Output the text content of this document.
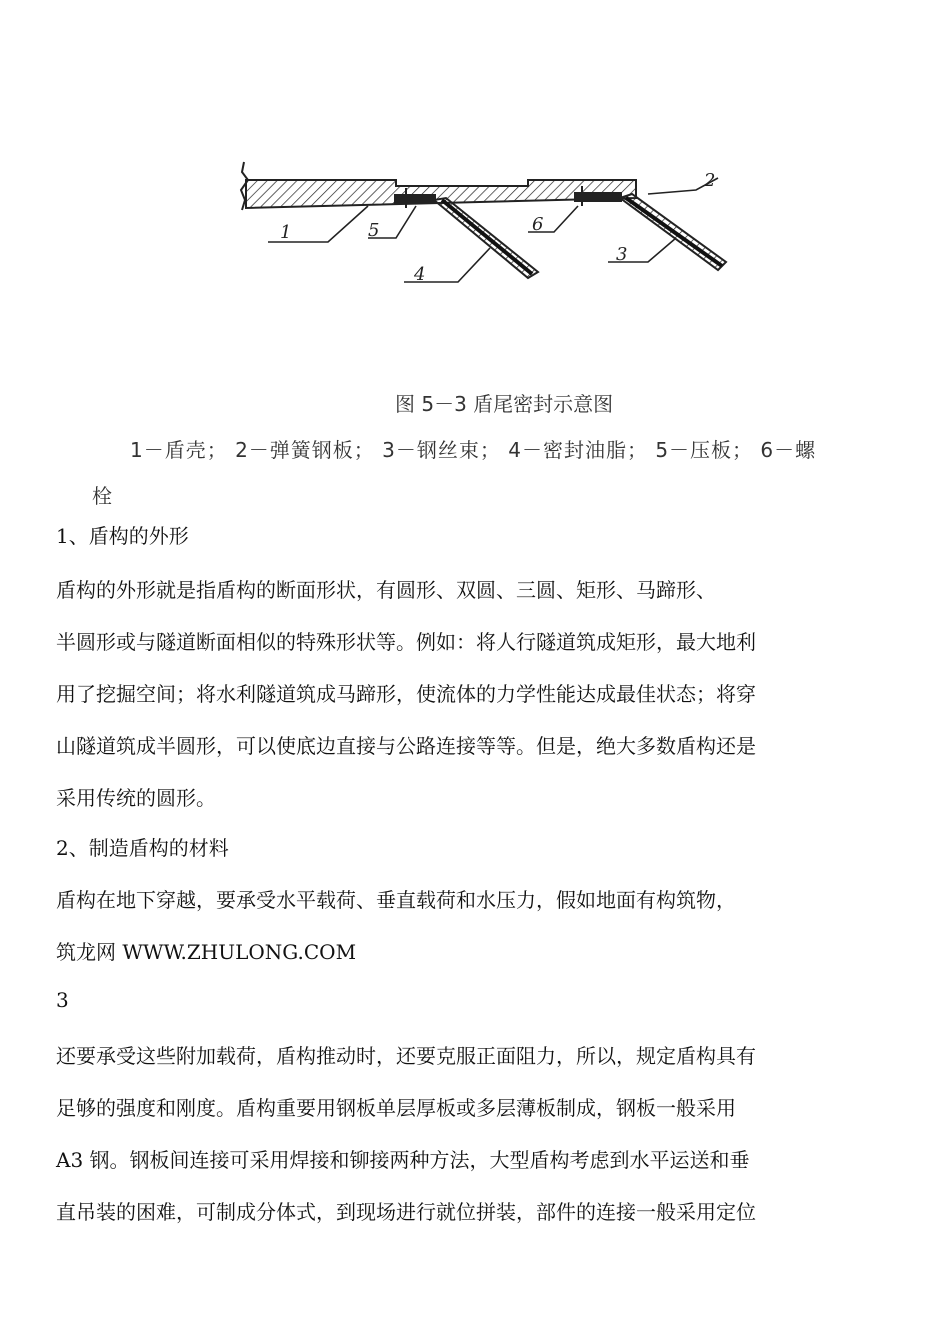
1
2
3
4
5	6
图 5－3 盾尾密封示意图
1－盾壳； 2－弹簧钢板； 3－钢丝束； 4－密封油脂； 5－压板； 6－螺
栓
1、盾构的外形
盾构的外形就是指盾构的断面形状，有圆形、双圆、三圆、矩形、马蹄形、
半圆形或与隧道断面相似的特殊形状等。例如：将人行隧道筑成矩形，最大地利
用了挖掘空间；将水利隧道筑成马蹄形，使流体的力学性能达成最佳状态；将穿
山隧道筑成半圆形，可以使底边直接与公路连接等等。但是，绝大多数盾构还是
采用传统的圆形。
2、制造盾构的材料
盾构在地下穿越，要承受水平载荷、垂直载荷和水压力，假如地面有构筑物，
筑龙网 WWW.ZHULONG.COM
3
还要承受这些附加载荷，盾构推动时，还要克服正面阻力，所以，规定盾构具有
足够的强度和刚度。盾构重要用钢板单层厚板或多层薄板制成，钢板一般采用
A3 钢。钢板间连接可采用焊接和铆接两种方法，大型盾构考虑到水平运送和垂
直吊装的困难，可制成分体式，到现场进行就位拼装，部件的连接一般采用定位
